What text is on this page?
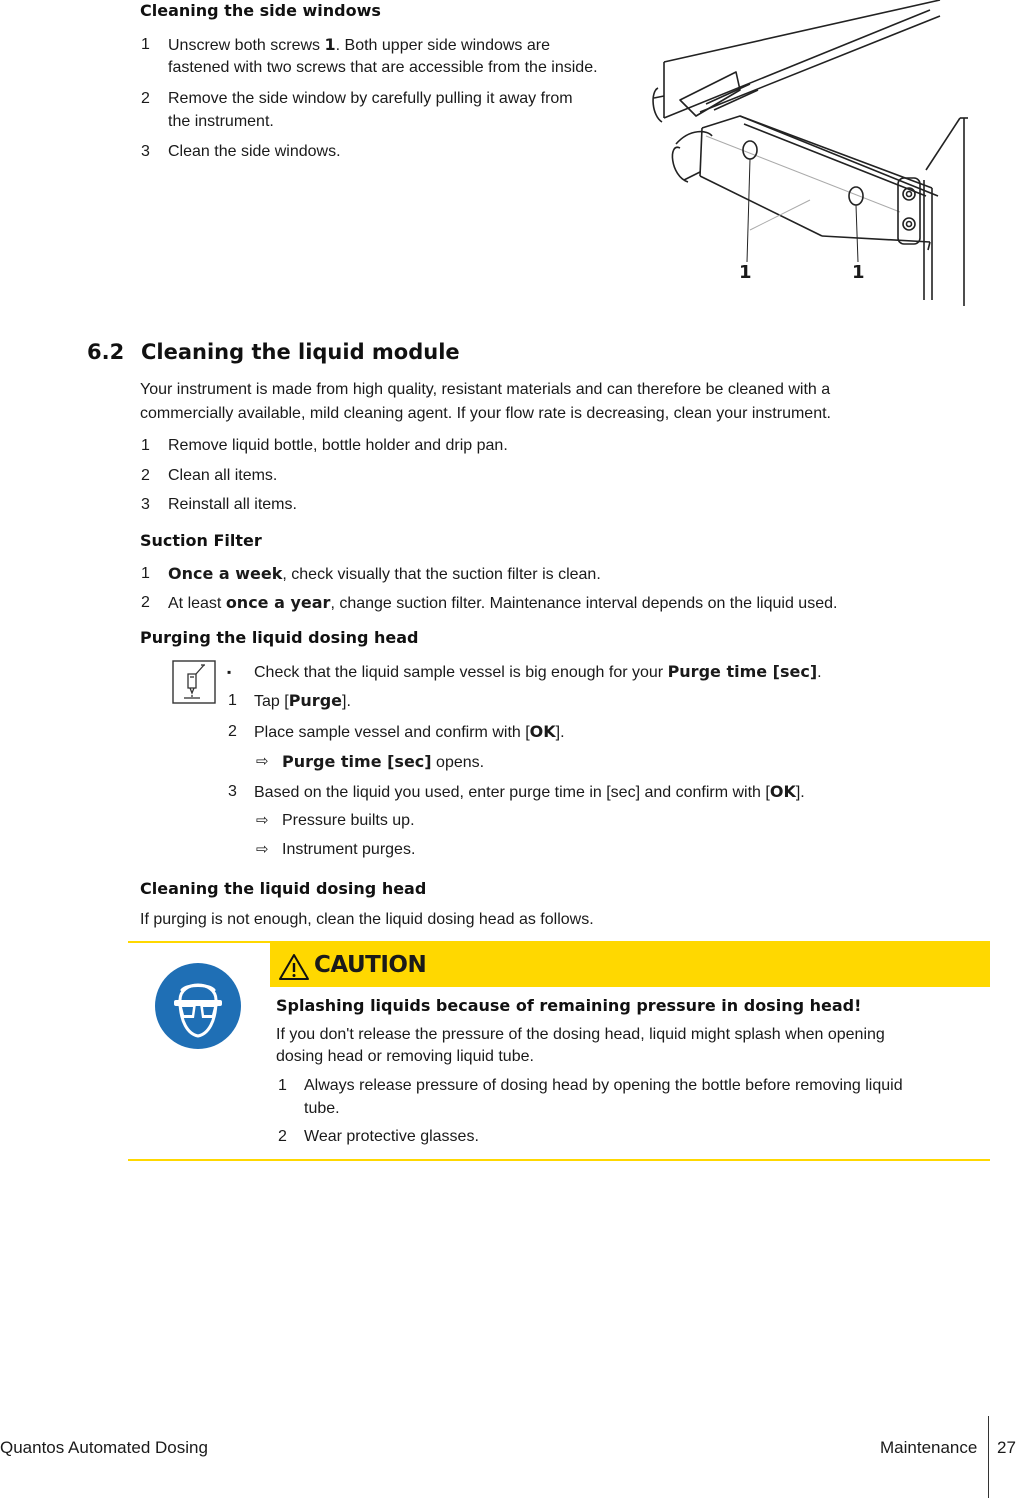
Cleaning the side windows
1 Unscrew both screws 1. Both upper side windows are
fastened with two screws that are accessible from the inside.
2 Remove the side window by carefully pulling it away from
the instrument.
3 Clean the side windows.
1	1
6.2 Cleaning the liquid module
Your instrument is made from high quality, resistant materials and can therefore be cleaned with a
commercially available, mild cleaning agent. If your flow rate is decreasing, clean your instrument.
1 Remove liquid bottle, bottle holder and drip pan.
2 Clean all items.
3 Reinstall all items.
Suction Filter
1 Once a week, check visually that the suction filter is clean.
2 At least once a year, change suction filter. Maintenance interval depends on the liquid used.
Purging the liquid dosing head
▪ Check that the liquid sample vessel is big enough for your Purge time [sec].
1 Tap [Purge].
2 Place sample vessel and confirm with [OK].
⇨ Purge time [sec] opens.
3 Based on the liquid you used, enter purge time in [sec] and confirm with [OK].
⇨ Pressure builts up.
⇨ Instrument purges.
Cleaning the liquid dosing head
If purging is not enough, clean the liquid dosing head as follows.
CAUTION
Splashing liquids because of remaining pressure in dosing head!
If you don't release the pressure of the dosing head, liquid might splash when opening
dosing head or removing liquid tube.
1 Always release pressure of dosing head by opening the bottle before removing liquid
tube.
2 Wear protective glasses.
Quantos Automated Dosing	Maintenance 27
